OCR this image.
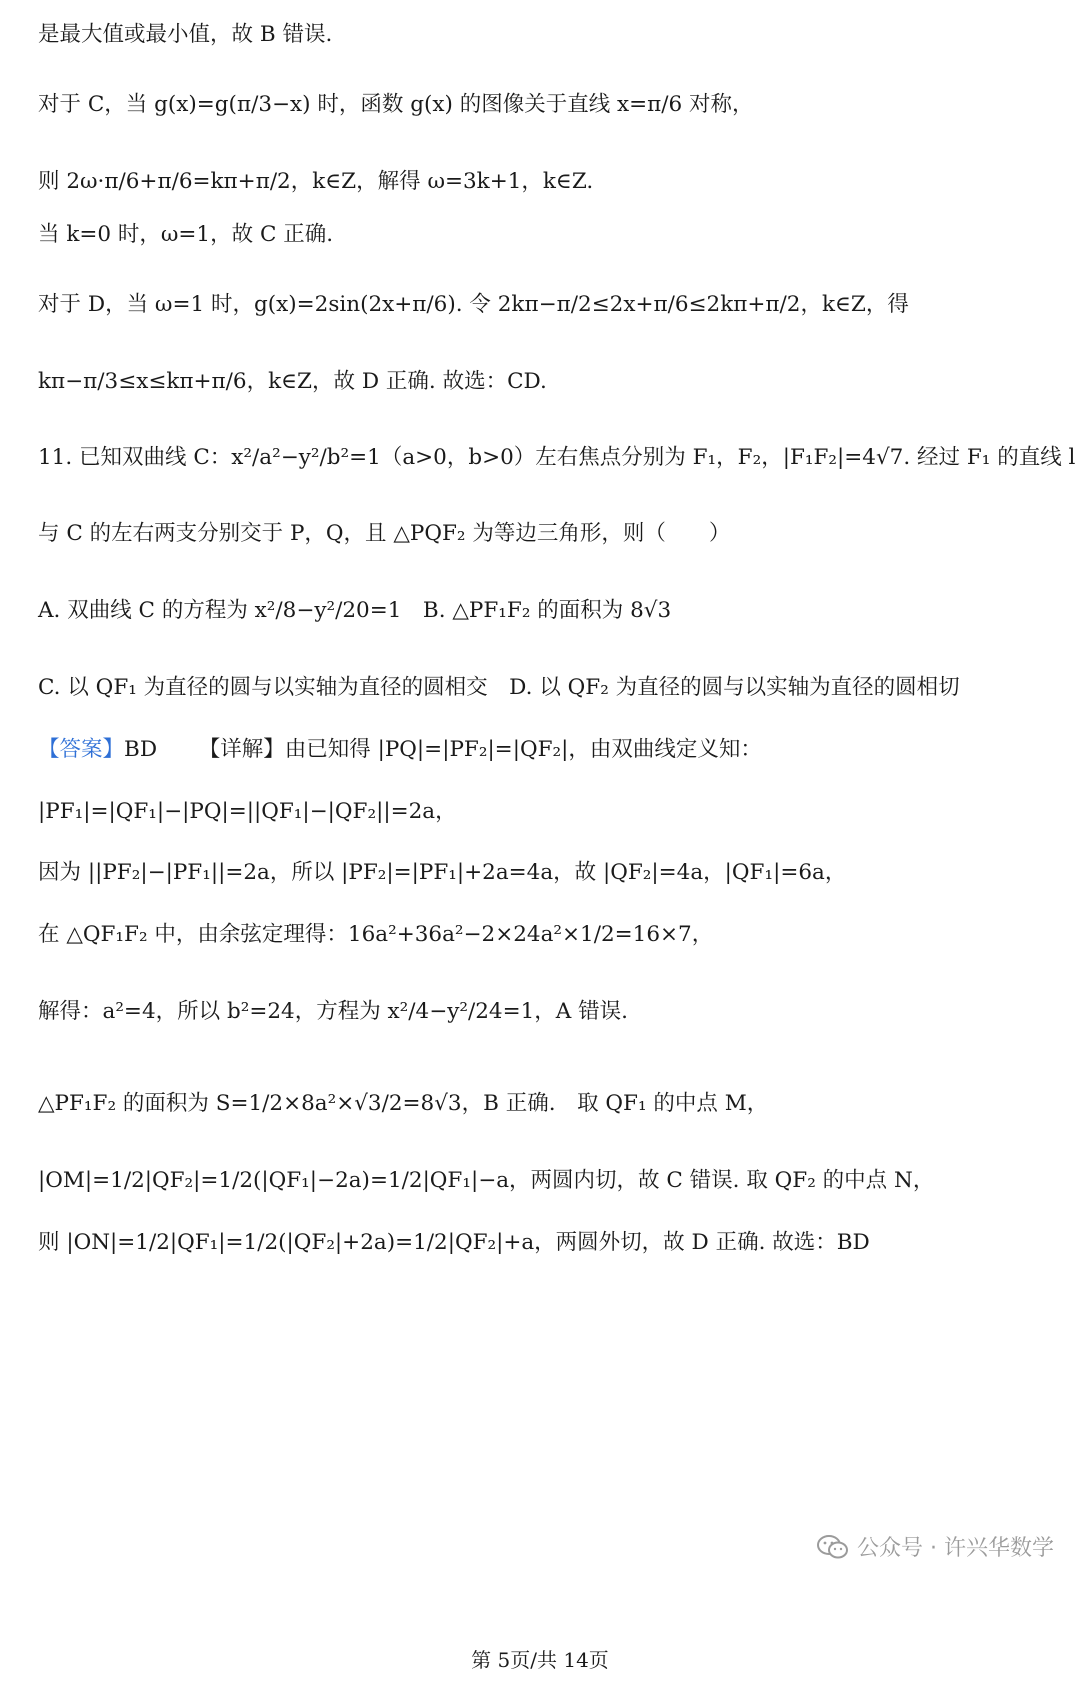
是最大值或最小值，故 B 错误.
对于 C，当 g(x)=g(π/3−x) 时，函数 g(x) 的图像关于直线 x=π/6 对称，
则 2ω·π/6+π/6=kπ+π/2，k∈Z，解得 ω=3k+1，k∈Z.
当 k=0 时，ω=1，故 C 正确.
对于 D，当 ω=1 时，g(x)=2sin(2x+π/6). 令 2kπ−π/2≤2x+π/6≤2kπ+π/2，k∈Z，得
kπ−π/3≤x≤kπ+π/6，k∈Z，故 D 正确. 故选：CD.
11. 已知双曲线 C：x²/a²−y²/b²=1（a>0，b>0）左右焦点分别为 F₁，F₂，|F₁F₂|=4√7. 经过 F₁ 的直线 l
与 C 的左右两支分别交于 P，Q，且 △PQF₂ 为等边三角形，则（　　）
A. 双曲线 C 的方程为 x²/8−y²/20=1　B. △PF₁F₂ 的面积为 8√3
C. 以 QF₁ 为直径的圆与以实轴为直径的圆相交　D. 以 QF₂ 为直径的圆与以实轴为直径的圆相切
【答案】BD 【详解】由已知得 |PQ|=|PF₂|=|QF₂|，由双曲线定义知：
|PF₁|=|QF₁|−|PQ|=||QF₁|−|QF₂||=2a，
因为 ||PF₂|−|PF₁||=2a，所以 |PF₂|=|PF₁|+2a=4a，故 |QF₂|=4a，|QF₁|=6a，
在 △QF₁F₂ 中，由余弦定理得：16a²+36a²−2×24a²×1/2=16×7，
解得：a²=4，所以 b²=24，方程为 x²/4−y²/24=1，A 错误.
△PF₁F₂ 的面积为 S=1/2×8a²×√3/2=8√3，B 正确.　取 QF₁ 的中点 M，
|OM|=1/2|QF₂|=1/2(|QF₁|−2a)=1/2|QF₁|−a，两圆内切，故 C 错误. 取 QF₂ 的中点 N，
则 |ON|=1/2|QF₁|=1/2(|QF₂|+2a)=1/2|QF₂|+a，两圆外切，故 D 正确. 故选：BD
公众号 · 许兴华数学
第 5页/共 14页
